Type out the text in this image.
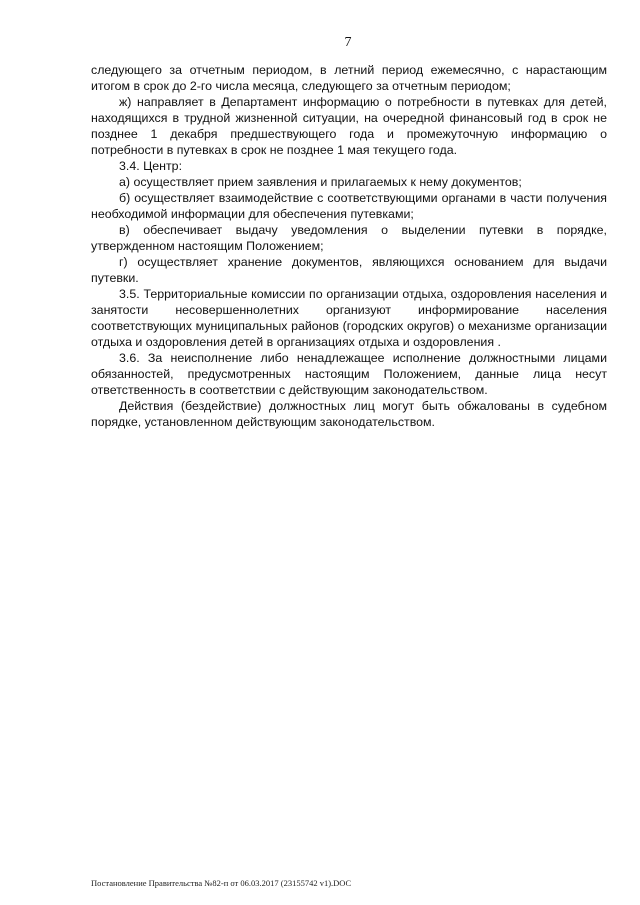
7

следующего за отчетным периодом, в летний период ежемесячно, с нарастающим итогом в срок до 2-го числа месяца, следующего за отчетным периодом;

ж) направляет в Департамент информацию о потребности в путевках для детей, находящихся в трудной жизненной ситуации, на очередной финансовый год в срок не позднее 1 декабря предшествующего года и промежуточную информацию о потребности в путевках в срок не позднее 1 мая текущего года.

3.4. Центр:

а) осуществляет прием заявления и прилагаемых к нему документов;

б) осуществляет взаимодействие с соответствующими органами в части получения необходимой информации для обеспечения путевками;

в) обеспечивает выдачу уведомления о выделении путевки в порядке, утвержденном настоящим Положением;

г) осуществляет хранение документов, являющихся основанием для выдачи путевки.

3.5. Территориальные комиссии по организации отдыха, оздоровления населения и занятости несовершеннолетних организуют информирование населения соответствующих муниципальных районов (городских округов) о механизме организации отдыха и оздоровления детей в организациях отдыха и оздоровления .

3.6. За неисполнение либо ненадлежащее исполнение должностными лицами обязанностей, предусмотренных настоящим Положением, данные лица несут ответственность в соответствии с действующим законодательством.

Действия (бездействие) должностных лиц могут быть обжалованы в судебном порядке, установленном действующим законодательством.

Постановление Правительства №82-п от 06.03.2017 (23155742 v1).DOC
